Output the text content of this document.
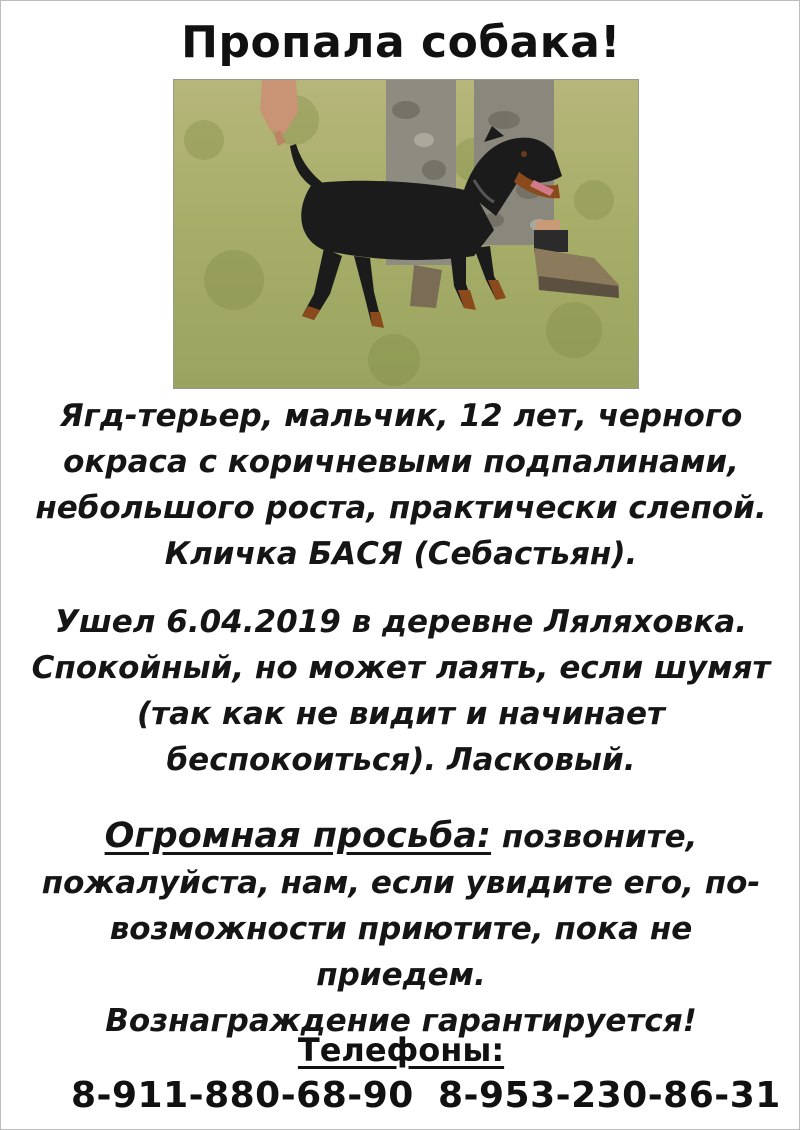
Пропала собака!
Ягд-терьер, мальчик, 12 лет, черного
окраса с коричневыми подпалинами,
небольшого роста, практически слепой.
Кличка БАСЯ (Себастьян).
Ушел 6.04.2019 в деревне Ляляховка.
Спокойный, но может лаять, если шумят
(так как не видит и начинает
беспокоиться). Ласковый.
Огромная просьба: позвоните,
пожалуйста, нам, если увидите его, по-
возможности приютите, пока не приедем.
Вознаграждение гарантируется!
Телефоны:
8-911-880-68-90 8-953-230-86-31
